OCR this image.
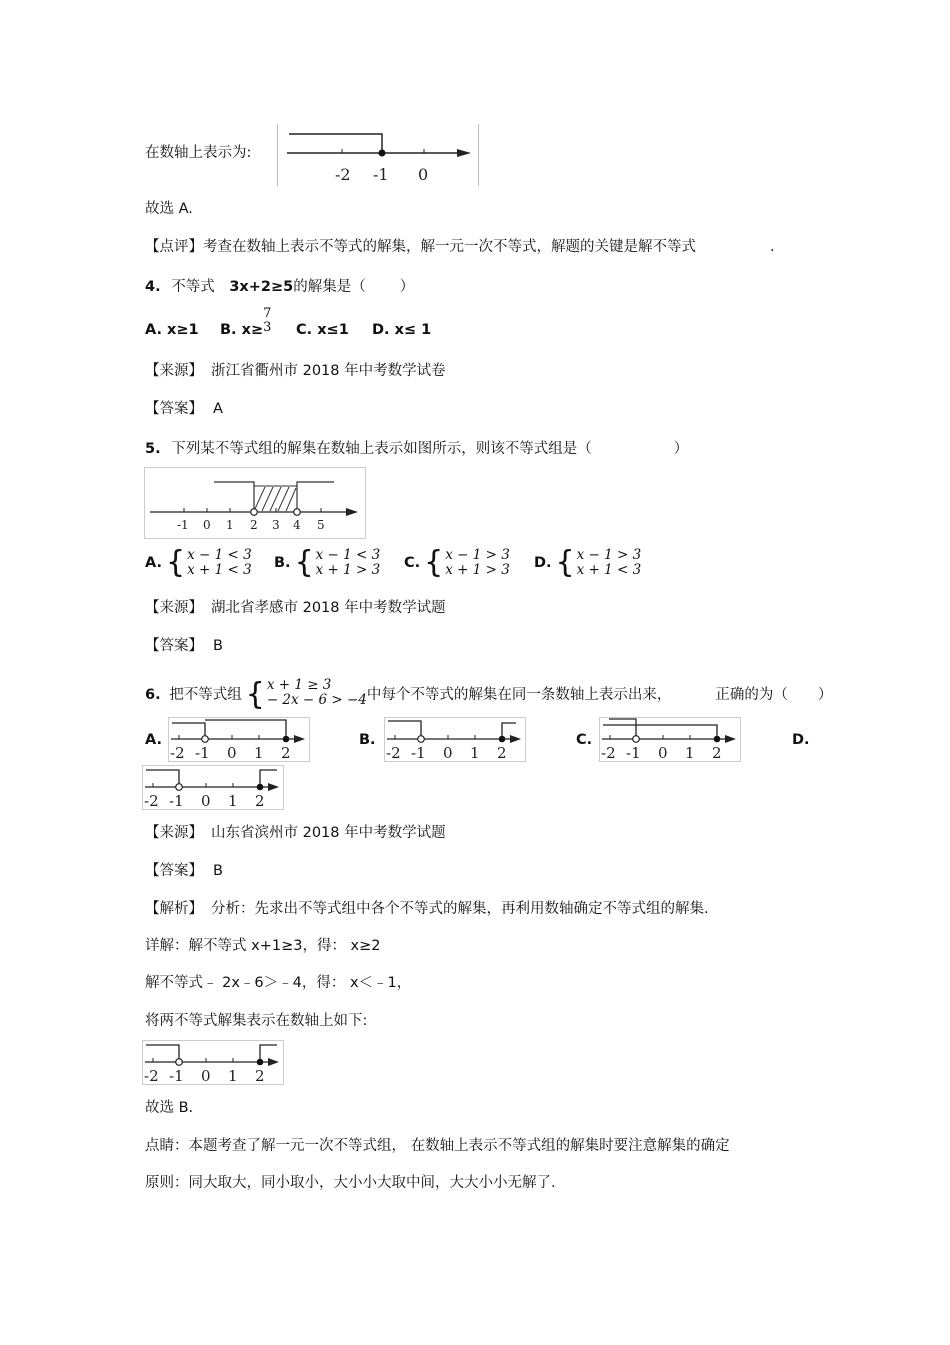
在数轴上表示为:
-2 -1 0
故选 A.
【点评】考查在数轴上表示不等式的解集，解一元一次不等式，解题的关键是解不等式	.
4. 不等式 3x+2≥5的解集是（ ）
A. x≥1 B. x≥
7
3 C. x≤1 D. x≤ 1
【来源】 浙江省衢州市 2018 年中考数学试卷
【答案】 A
5. 下列某不等式组的解集在数轴上表示如图所示，则该不等式组是（	）
-1 0 1 2 3 4 5
A. { x − 1 < 3
x + 1 < 3 B. { x − 1 < 3
x + 1 > 3 C. { x − 1 > 3
x + 1 > 3 D. { x − 1 > 3
x + 1 < 3
【来源】 湖北省孝感市 2018 年中考数学试题
【答案】 B
6. 把不等式组 { x + 1 ≥ 3
− 2x − 6 > −4 中每个不等式的解集在同一条数轴上表示出来，	正确的为（ ）
A.	B.	C.	D.
-2 -1 0 1 2	-2 -1 0 1 2	-2 -1 0 1 2
-2 -1 0 1 2
【来源】 山东省滨州市 2018 年中考数学试题
【答案】 B
【解析】 分析：先求出不等式组中各个不等式的解集，再利用数轴确定不等式组的解集.
详解：解不等式 x+1≥3，得： x≥2
解不等式﹣ 2x﹣6＞﹣4，得： x＜﹣1，
将两不等式解集表示在数轴上如下:
-2 -1 0 1 2
故选 B.
点睛：本题考查了解一元一次不等式组， 在数轴上表示不等式组的解集时要注意解集的确定
原则：同大取大，同小取小，大小小大取中间，大大小小无解了.
